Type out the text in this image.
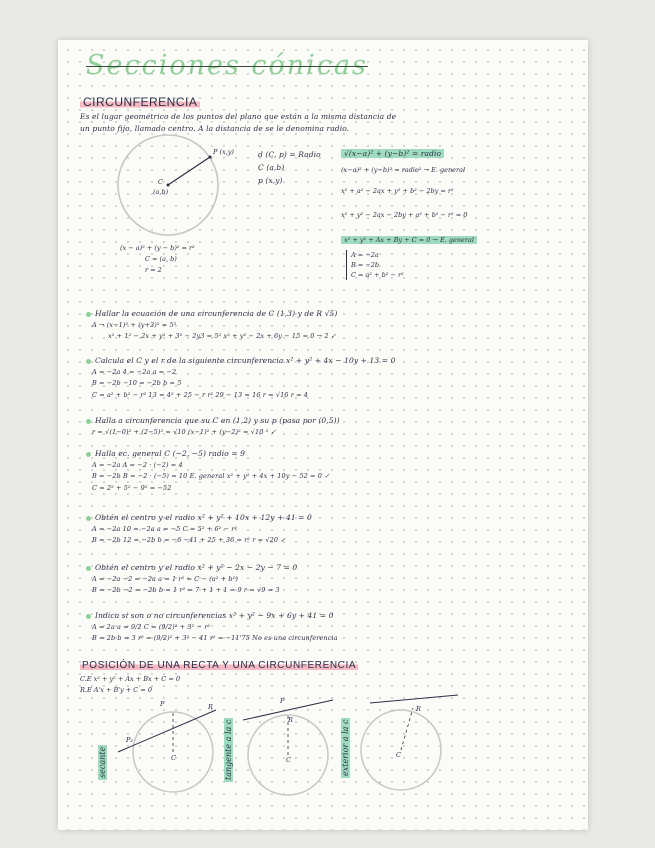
Secciones cónicas
CIRCUNFERENCIA
Es el lugar geométrico de los puntos del plano que están a la misma distancia de
un punto fijo, llamado centro. A la distancia de se le denomina radio.
P (x,y)
C
(a,b)
d (C, p) = Radio
C (a,b)
p (x,y)
√(x−a)² + (y−b)² = radio
(x−a)² + (y−b)² = radio² → E. general
x² + a² − 2ax + y² + b² − 2by = r²
x² + y² − 2ax − 2by + a² + b² − r² = 0
x² + y² + Ax + By + C = 0 → E. general
A = −2a
B = −2b
C = a² + b² − r²
(x − a)² + (y − b)² = r²
C = (a, b)
r = 2
Hallar la ecuación de una circunferencia de C (1,3) y de R √5)
A → (x−1)² + (y+3)² = 5²
x² + 1² − 2x + y² + 3² − 2y3 = 5² x² + y² − 2x + 6y − 15 = 0 → 2 ✓
Calcula el C y el r de la siguiente circunferencia x² + y² + 4x − 10y + 13 = 0
A = −2a 4 = −2a a = −2
B = −2b −10 = −2b b = 5
C = a² + b² − r² 13 = 4² + 25 − r r² 29 − 13 = 16 r = √16 r = 4
Halla a circunferencia que su C en (1,2) y su p (pasa por (0,5))
r = √(1−0)² + (2−5)² = √10 (x−1)² + (y−2)² = √10 ² ✓
Halla ec. general C (−2, −5) radio = 9
A = −2a A = −2 · (−2) = 4
B = −2b B = −2 · (−5) = 10 E. general x² + y² + 4x + 10y − 52 = 0 ✓
C = 2² + 5² − 9² = −52
Obtén el centro y el radio x² + y² + 10x + 12y + 41 = 0
A = −2a 10 = −2a a = −5 C = 5² + 6² − r²
B = −2b 12 = −2b b = −6 −41 + 25 + 36 = r² r = √20 ✓
Obtén el centro y el radio x² + y² − 2x − 2y − 7 = 0
A = −2a −2 = −2a a = 1 r² = C − (a² + b²)
B = −2b −2 = −2b b = 1 r² = 7 + 1 + 1 = 9 r = √9 = 3
Indica si son o no circunferencias x² + y² − 9x + 6y + 41 = 0
A = 2a a = 9/2 C = (9/2)² + 3² − r²
B = 2b b = 3 r² = (9/2)² + 3² − 41 r² = −11'75 No es una circunferencia
POSICIÓN DE UNA RECTA Y UNA CIRCUNFERENCIA
C.E x² + y² + Ax + Bx + C = 0
R.E A'x + B'y + C = 0
secante	tangente a la c	exterior a la c
P
P₂
R
C
P
R
C
R
C
